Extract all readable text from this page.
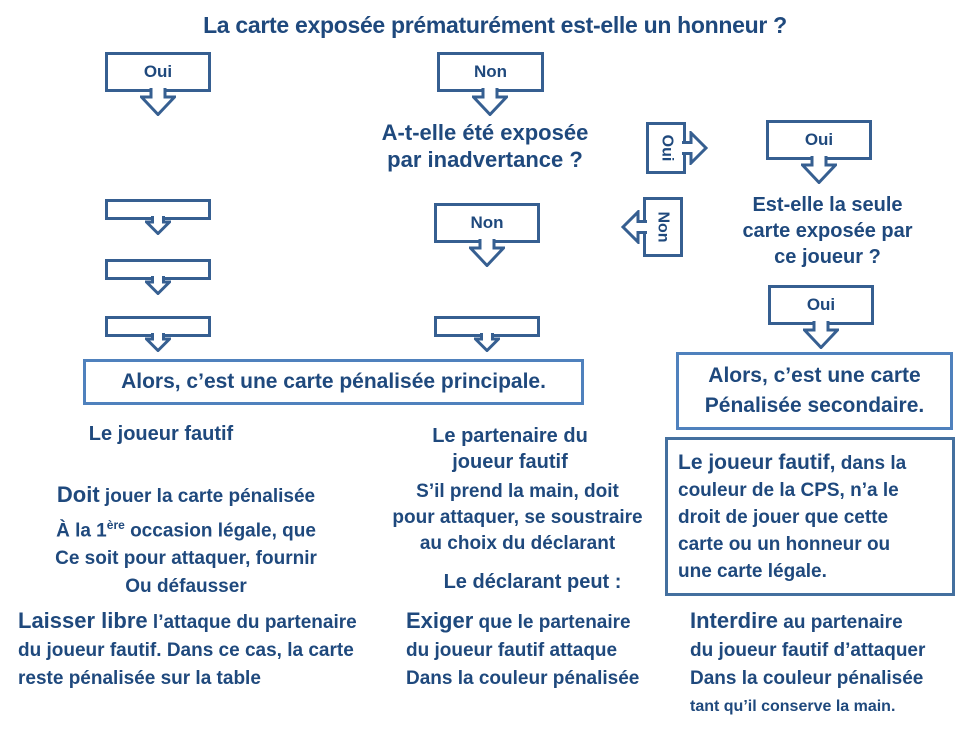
La carte exposée prématurément est-elle un honneur ?
Oui	Non
A-t-elle été exposée
par inadvertance ?	Oui
Non
Oui
Est-elle la seule
carte exposée par
ce joueur ?
Oui
Non
Alors, c’est une carte pénalisée principale.	Alors, c’est une carte
Pénalisée secondaire.
Le joueur fautif
Doit jouer la carte pénalisée
À la 1ère occasion légale, que
Ce soit pour attaquer, fournir
Ou défausser
Le partenaire du
joueur fautif
S’il prend la main, doit
pour attaquer, se soustraire
au choix du déclarant
Le déclarant peut :
Le joueur fautif, dans la
couleur de la CPS, n’a le
droit de jouer que cette
carte ou un honneur ou
une carte légale.
Laisser libre l’attaque du partenaire
du joueur fautif. Dans ce cas, la carte
reste pénalisée sur la table
Exiger que le partenaire
du joueur fautif attaque
Dans la couleur pénalisée
Interdire au partenaire
du joueur fautif d’attaquer
Dans la couleur pénalisée
tant qu’il conserve la main.
